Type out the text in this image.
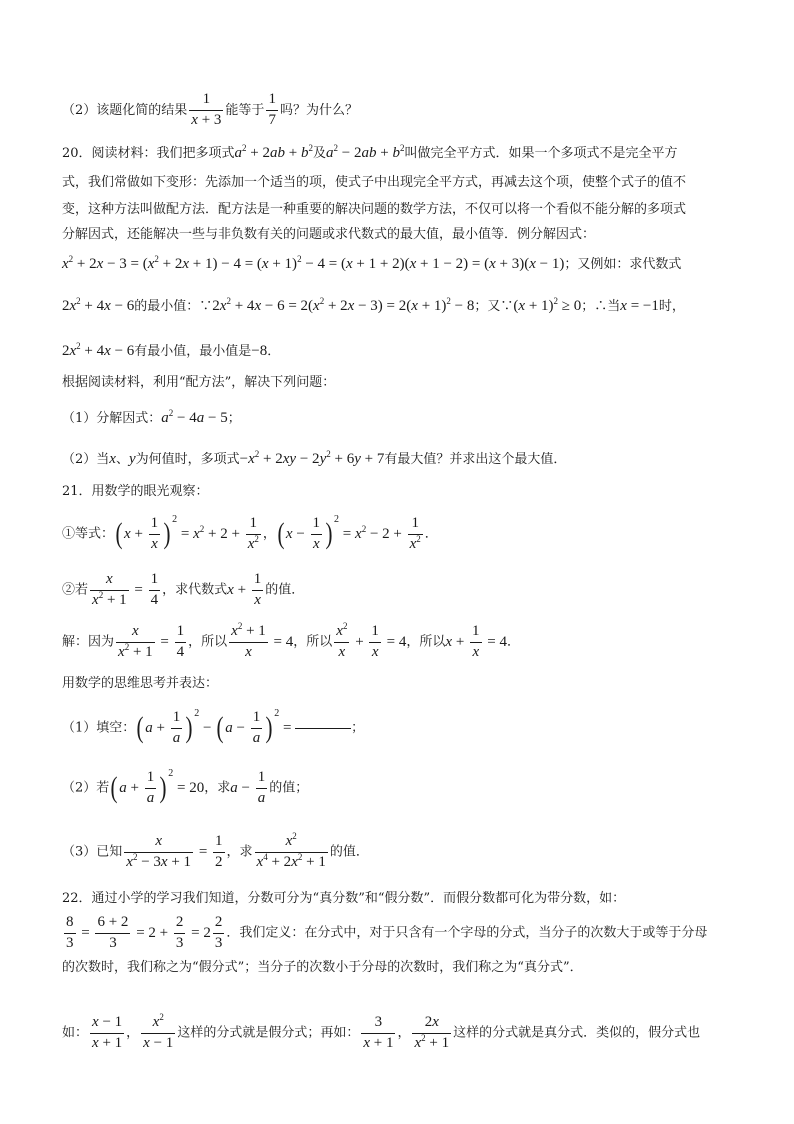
（2）该题化简的结果 $\frac{1}{x + 3}$ 能等于 $\frac{1}{7}$ 吗？为什么？
20．阅读材料：我们把多项式$a^2 + 2ab + b^2$及$a^2 - 2ab + b^2$叫做完全平方式．如果一个多项式不是完全平方
式，我们常做如下变形：先添加一个适当的项，使式子中出现完全平方式，再减去这个项，使整个式子的值不
变，这种方法叫做配方法．配方法是一种重要的解决问题的数学方法，不仅可以将一个看似不能分解的多项式
分解因式，还能解决一些与非负数有关的问题或求代数式的最大值，最小值等．例分解因式：
$x^2 + 2x - 3 = (x^2 + 2x + 1) - 4 = (x + 1)^2 - 4 = (x + 1 + 2)(x + 1 - 2) = (x + 3)(x - 1)$；又例如：求代数式
$2x^2 + 4x - 6$的最小值：$\because 2x^2 + 4x - 6 = 2(x^2 + 2x - 3) = 2(x + 1)^2 - 8$；又∵(x + 1)$^2$ ≥ 0；∴当x = −1时，
$2x^2 + 4x - 6$有最小值，最小值是−8．
根据阅读材料，利用“配方法”，解决下列问题：
（1）分解因式：$a^2 - 4a - 5$；
（2）当x、y为何值时，多项式$-x^2 + 2xy - 2y^2 + 6y + 7$有最大值？并求出这个最大值．
21．用数学的眼光观察：
①等式：( $x + \frac{1}{x}$ ) $^2 = x^2 + 2 + \frac{1}{x^2}$ ，( $x - \frac{1}{x}$ ) $^2 = x^2 - 2 + \frac{1}{x^2}$ ．
②若 $\frac{x}{x^2 + 1} = \frac{1}{4}$ ，求代数式$x + \frac{1}{x}$ 的值．
解：因为 $\frac{x}{x^2 + 1} = \frac{1}{4}$ ，所以 $\frac{x^2 + 1}{x} = 4$，所以 $\frac{x^2}{x} + \frac{1}{x} = 4$，所以$x + \frac{1}{x} = 4$．
用数学的思维思考并表达：
（1）填空：( $a + \frac{1}{a}$ ) $^2$ − ( $a - \frac{1}{a}$ ) $^2$ =	；
（2）若( $a + \frac{1}{a}$ ) $^2$ = 20，求$a - \frac{1}{a}$ 的值；
（3）已知 $\frac{x}{x^2 - 3x + 1} = \frac{1}{2}$ ，求 $\frac{x^2}{x^4 + 2x^2 + 1}$ 的值．
22．通过小学的学习我们知道，分数可分为“真分数”和“假分数”．而假分数都可化为带分数，如：
$\frac{8}{3} = \frac{6 + 2}{3} = 2 + \frac{2}{3} = 2 \frac{2}{3}$ ．我们定义：在分式中，对于只含有一个字母的分式，当分子的次数大于或等于分母
的次数时，我们称之为“假分式”；当分子的次数小于分母的次数时，我们称之为“真分式”．
如： $\frac{x - 1}{x + 1}$ ， $\frac{x^2}{x - 1}$ 这样的分式就是假分式；再如： $\frac{3}{x + 1}$ ， $\frac{2x}{x^2 + 1}$ 这样的分式就是真分式．类似的，假分式也
